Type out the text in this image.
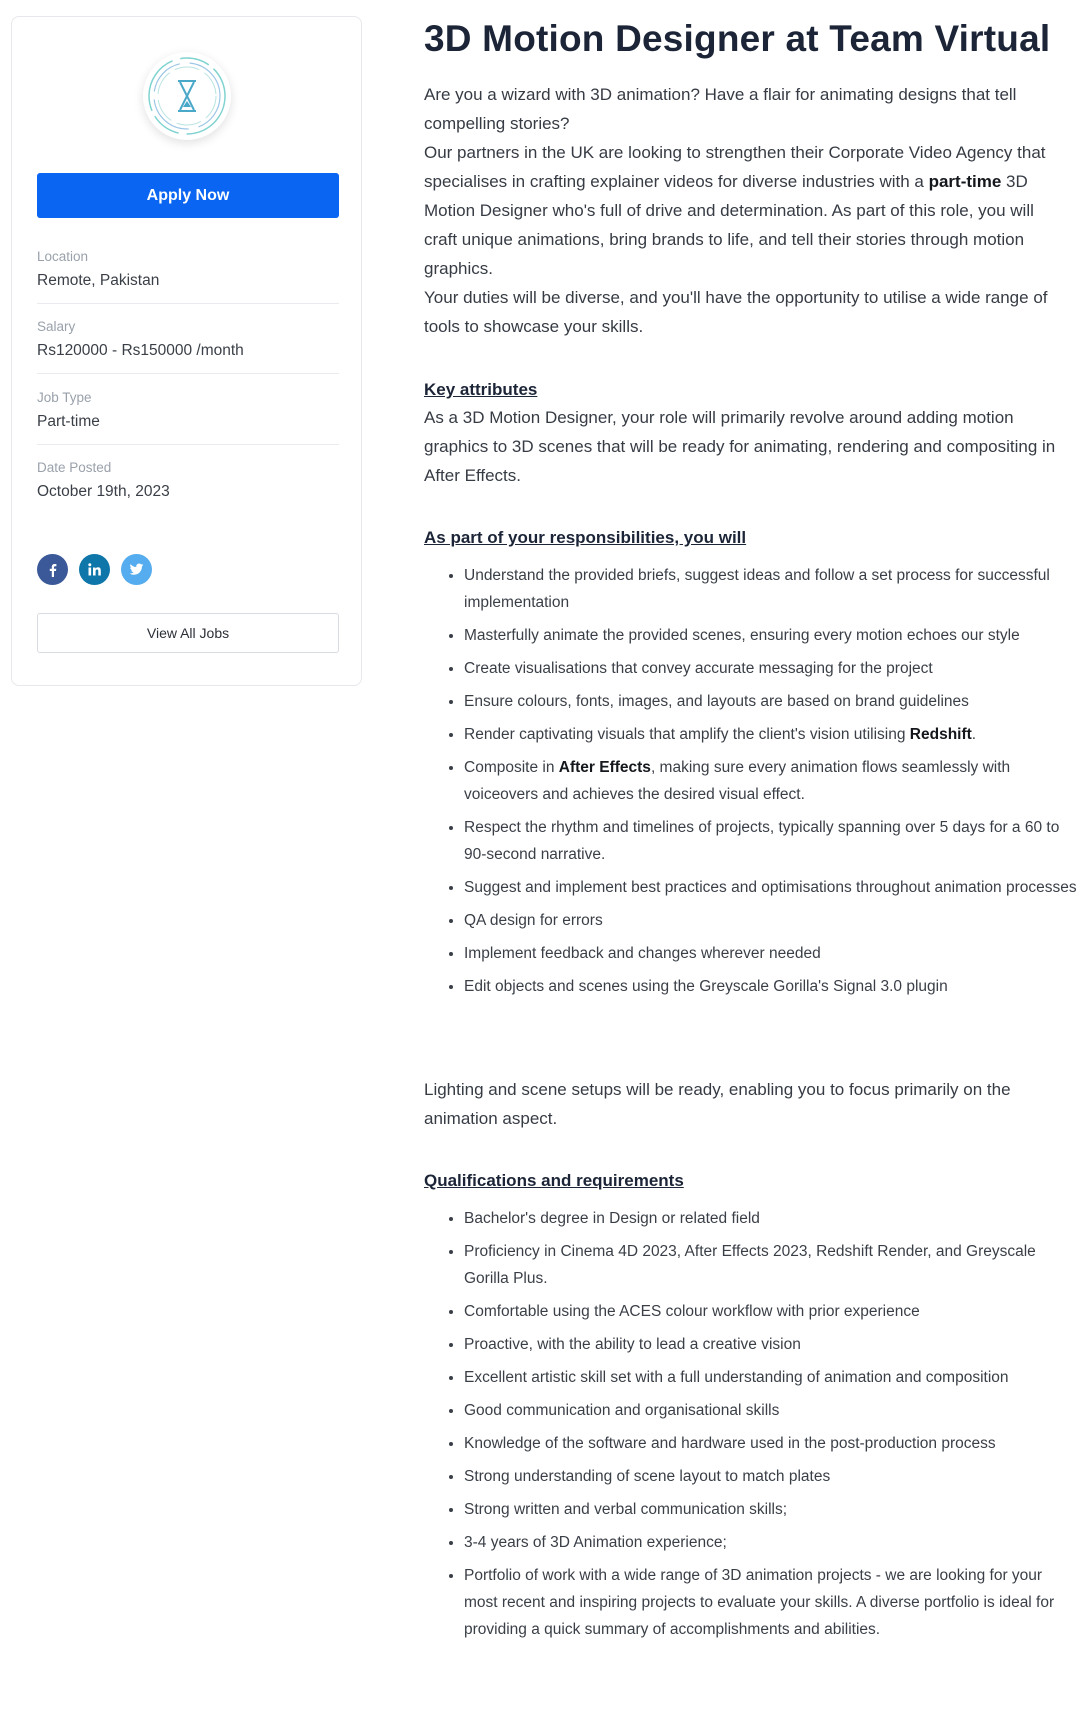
Apply Now
Location
Remote, Pakistan
Salary
Rs120000 - Rs150000 /month
Job Type
Part-time
Date Posted
October 19th, 2023
View All Jobs
3D Motion Designer at Team Virtual

Are you a wizard with 3D animation? Have a flair for animating designs that tell compelling stories?

Our partners in the UK are looking to strengthen their Corporate Video Agency that specialises in crafting explainer videos for diverse industries with a part-time 3D Motion Designer who's full of drive and determination. As part of this role, you will craft unique animations, bring brands to life, and tell their stories through motion graphics.

Your duties will be diverse, and you'll have the opportunity to utilise a wide range of tools to showcase your skills.

Key attributes

As a 3D Motion Designer, your role will primarily revolve around adding motion graphics to 3D scenes that will be ready for animating, rendering and compositing in After Effects.

As part of your responsibilities, you will
• Understand the provided briefs, suggest ideas and follow a set process for successful implementation
• Masterfully animate the provided scenes, ensuring every motion echoes our style
• Create visualisations that convey accurate messaging for the project
• Ensure colours, fonts, images, and layouts are based on brand guidelines
• Render captivating visuals that amplify the client's vision utilising Redshift.
• Composite in After Effects, making sure every animation flows seamlessly with voiceovers and achieves the desired visual effect.
• Respect the rhythm and timelines of projects, typically spanning over 5 days for a 60 to 90-second narrative.
• Suggest and implement best practices and optimisations throughout animation processes
• QA design for errors
• Implement feedback and changes wherever needed
• Edit objects and scenes using the Greyscale Gorilla's Signal 3.0 plugin

Lighting and scene setups will be ready, enabling you to focus primarily on the animation aspect.

Qualifications and requirements
• Bachelor's degree in Design or related field
• Proficiency in Cinema 4D 2023, After Effects 2023, Redshift Render, and Greyscale Gorilla Plus.
• Comfortable using the ACES colour workflow with prior experience
• Proactive, with the ability to lead a creative vision
• Excellent artistic skill set with a full understanding of animation and composition
• Good communication and organisational skills
• Knowledge of the software and hardware used in the post-production process
• Strong understanding of scene layout to match plates
• Strong written and verbal communication skills;
• 3-4 years of 3D Animation experience;
• Portfolio of work with a wide range of 3D animation projects - we are looking for your most recent and inspiring projects to evaluate your skills. A diverse portfolio is ideal for providing a quick summary of accomplishments and abilities.
